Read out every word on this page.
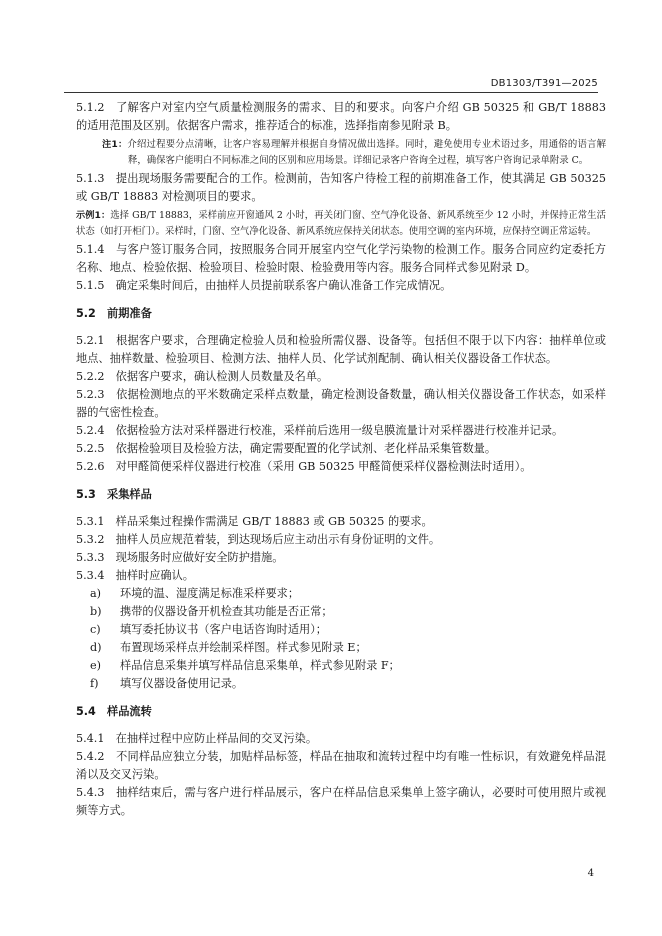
DB1303/T391—2025

5.1.2　了解客户对室内空气质量检测服务的需求、目的和要求。向客户介绍 GB 50325 和 GB/T 18883 的适用范围及区别。依据客户需求，推荐适合的标准，选择指南参见附录 B。

注1：介绍过程要分点清晰，让客户容易理解并根据自身情况做出选择。同时，避免使用专业术语过多，用通俗的语言解释，确保客户能明白不同标准之间的区别和应用场景。详细记录客户咨询全过程，填写客户咨询记录单附录 C。

5.1.3　提出现场服务需要配合的工作。检测前，告知客户待检工程的前期准备工作，使其满足 GB 50325 或 GB/T 18883 对检测项目的要求。

示例1：选择 GB/T 18883，采样前应开窗通风 2 小时，再关闭门窗、空气净化设备、新风系统至少 12 小时，并保持正常生活状态（如打开柜门）。采样时，门窗、空气净化设备、新风系统应保持关闭状态。使用空调的室内环境，应保持空调正常运转。

5.1.4　与客户签订服务合同，按照服务合同开展室内空气化学污染物的检测工作。服务合同应约定委托方名称、地点、检验依据、检验项目、检验时限、检验费用等内容。服务合同样式参见附录 D。

5.1.5　确定采集时间后，由抽样人员提前联系客户确认准备工作完成情况。

5.2　前期准备

5.2.1　根据客户要求，合理确定检验人员和检验所需仪器、设备等。包括但不限于以下内容：抽样单位或地点、抽样数量、检验项目、检测方法、抽样人员、化学试剂配制、确认相关仪器设备工作状态。

5.2.2　依据客户要求，确认检测人员数量及名单。

5.2.3　依据检测地点的平米数确定采样点数量，确定检测设备数量，确认相关仪器设备工作状态，如采样器的气密性检查。

5.2.4　依据检验方法对采样器进行校准，采样前后选用一级皂膜流量计对采样器进行校准并记录。

5.2.5　依据检验项目及检验方法，确定需要配置的化学试剂、老化样品采集管数量。

5.2.6　对甲醛简便采样仪器进行校准（采用 GB 50325 甲醛简便采样仪器检测法时适用）。

5.3　采集样品

5.3.1　样品采集过程操作需满足 GB/T 18883 或 GB 50325 的要求。

5.3.2　抽样人员应规范着装，到达现场后应主动出示有身份证明的文件。

5.3.3　现场服务时应做好安全防护措施。

5.3.4　抽样时应确认。

a)	环境的温、湿度满足标准采样要求；
b)	携带的仪器设备开机检查其功能是否正常；
c)	填写委托协议书（客户电话咨询时适用）；
d)	布置现场采样点并绘制采样图。样式参见附录 E；
e)	样品信息采集并填写样品信息采集单，样式参见附录 F；
f)	填写仪器设备使用记录。
5.4　样品流转

5.4.1　在抽样过程中应防止样品间的交叉污染。

5.4.2　不同样品应独立分装，加贴样品标签，样品在抽取和流转过程中均有唯一性标识，有效避免样品混淆以及交叉污染。

5.4.3　抽样结束后，需与客户进行样品展示，客户在样品信息采集单上签字确认，必要时可使用照片或视频等方式。

4
